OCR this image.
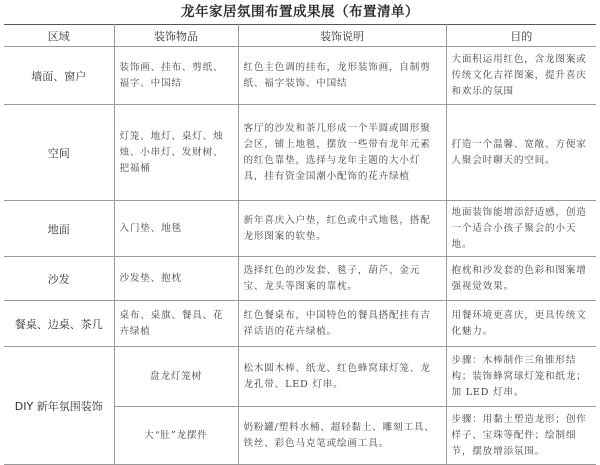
龙年家居氛围布置成果展（布置清单）
区域	装饰物品	装饰说明	目的
墙面、窗户	装饰画、挂布、剪纸、福字、中国结	红色主色调的挂布，龙形装饰画，自制剪纸、福字装饰、中国结	大面积运用红色，含龙图案或传统文化吉祥图案，提升喜庆和欢乐的氛围
空间	灯笼、地灯、桌灯、烛烛、小串灯、发财树、把福桶	客厅的沙发和茶几形成一个半圆或圆形聚会区，铺上地毯，摆放一些带有龙年元素的红色靠垫，选择与龙年主题的大小灯具，挂有资金国潮小配饰的花卉绿植	打造一个温馨、宽敞、方便家人聚会时聊天的空间。
地面	入门垫、地毯	新年喜庆入户垫，红色或中式地毯，搭配龙形图案的软垫。	地面装饰能增添舒适感，创造一个适合小孩子聚会的小天地。
沙发	沙发垫、抱枕	选择红色的沙发套、毯子，葫芦、金元宝、龙头等图案的靠枕。	抱枕和沙发套的色彩和图案增强视觉效果。
餐桌、边桌、茶几	桌布、桌旗、餐具、花卉绿植	红色餐桌布，中国特色的餐具搭配挂有吉祥话语的花卉绿植。	用餐环境更喜庆，更具传统文化魅力。
DIY 新年氛围装饰	盘龙灯笼树	松木圆木棒、纸龙、红色蜂窝球灯笼、龙龙孔带、LED 灯串。	步骤：木棒制作三角锥形结构；装饰蜂窝球灯笼和纸龙；加 LED 灯串。
	大“肚”龙摆件	奶粉罐/塑料水桶、超轻黏土、雕刻工具、铁丝、彩色马克笔或绘画工具。	步骤：用黏土塑造龙形；创作样子、宝珠等配件；绘制细节，摆放增添氛围。
